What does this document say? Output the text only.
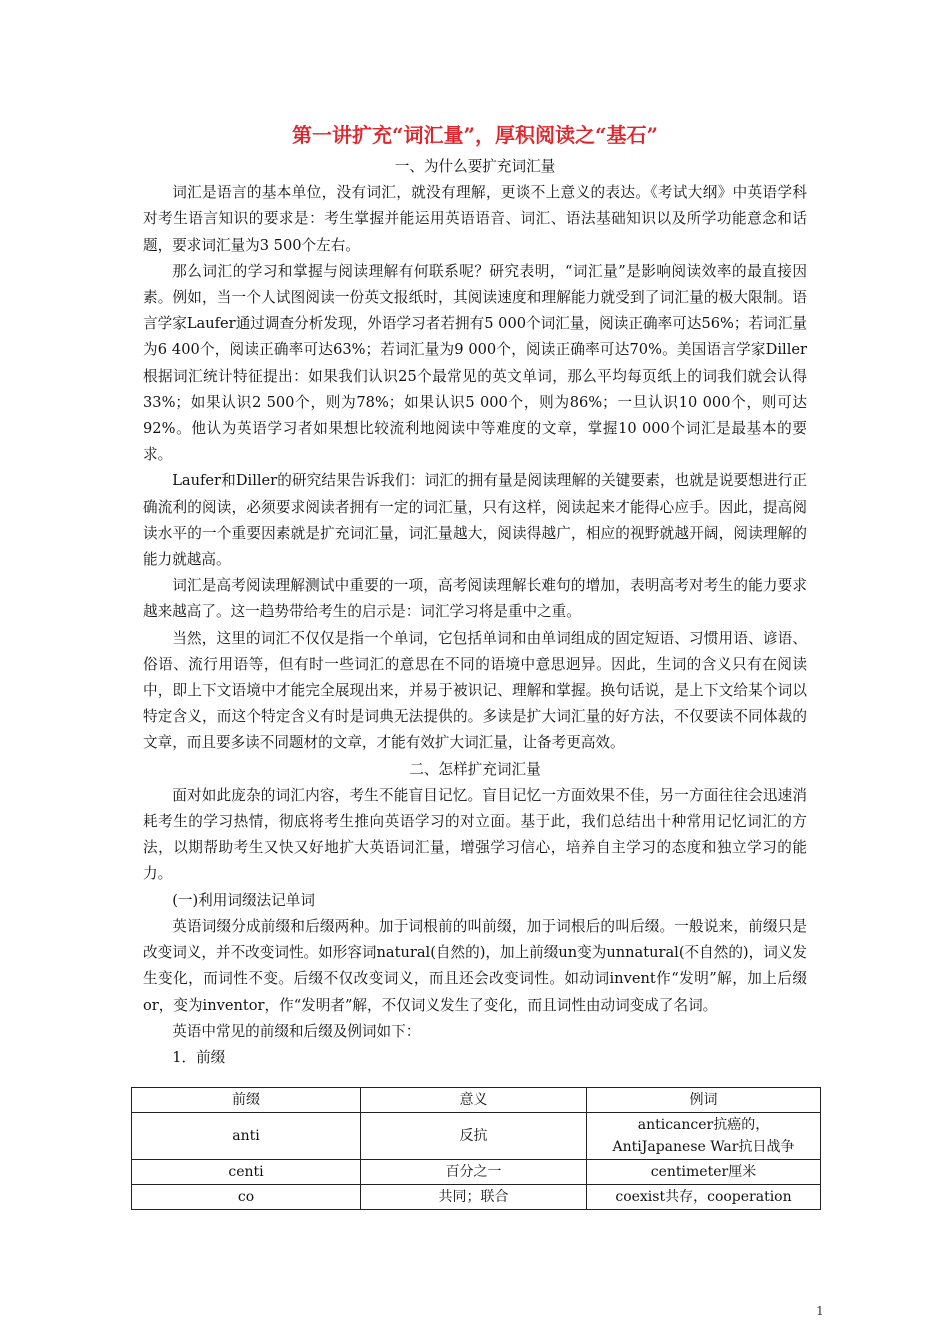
第一讲扩充“词汇量”，厚积阅读之“基石”

一、为什么要扩充词汇量

词汇是语言的基本单位，没有词汇，就没有理解，更谈不上意义的表达。《考试大纲》中英语学科对考生语言知识的要求是：考生掌握并能运用英语语音、词汇、语法基础知识以及所学功能意念和话题，要求词汇量为3 500个左右。

那么词汇的学习和掌握与阅读理解有何联系呢？研究表明，“词汇量”是影响阅读效率的最直接因素。例如，当一个人试图阅读一份英文报纸时，其阅读速度和理解能力就受到了词汇量的极大限制。语言学家Laufer通过调查分析发现，外语学习者若拥有5 000个词汇量，阅读正确率可达56%；若词汇量为6 400个，阅读正确率可达63%；若词汇量为9 000个，阅读正确率可达70%。美国语言学家Diller根据词汇统计特征提出：如果我们认识25个最常见的英文单词，那么平均每页纸上的词我们就会认得33%；如果认识2 500个，则为78%；如果认识5 000个，则为86%；一旦认识10 000个，则可达92%。他认为英语学习者如果想比较流利地阅读中等难度的文章，掌握10 000个词汇是最基本的要求。

Laufer和Diller的研究结果告诉我们：词汇的拥有量是阅读理解的关键要素，也就是说要想进行正确流利的阅读，必须要求阅读者拥有一定的词汇量，只有这样，阅读起来才能得心应手。因此，提高阅读水平的一个重要因素就是扩充词汇量，词汇量越大，阅读得越广，相应的视野就越开阔，阅读理解的能力就越高。

词汇是高考阅读理解测试中重要的一项，高考阅读理解长难句的增加，表明高考对考生的能力要求越来越高了。这一趋势带给考生的启示是：词汇学习将是重中之重。

当然，这里的词汇不仅仅是指一个单词，它包括单词和由单词组成的固定短语、习惯用语、谚语、俗语、流行用语等，但有时一些词汇的意思在不同的语境中意思迥异。因此，生词的含义只有在阅读中，即上下文语境中才能完全展现出来，并易于被识记、理解和掌握。换句话说，是上下文给某个词以特定含义，而这个特定含义有时是词典无法提供的。多读是扩大词汇量的好方法，不仅要读不同体裁的文章，而且要多读不同题材的文章，才能有效扩大词汇量，让备考更高效。

二、怎样扩充词汇量

面对如此庞杂的词汇内容，考生不能盲目记忆。盲目记忆一方面效果不佳，另一方面往往会迅速消耗考生的学习热情，彻底将考生推向英语学习的对立面。基于此，我们总结出十种常用记忆词汇的方法，以期帮助考生又快又好地扩大英语词汇量，增强学习信心，培养自主学习的态度和独立学习的能力。

(一)利用词缀法记单词

英语词缀分成前缀和后缀两种。加于词根前的叫前缀，加于词根后的叫后缀。一般说来，前缀只是改变词义，并不改变词性。如形容词natural(自然的)，加上前缀un变为unnatural(不自然的)，词义发生变化，而词性不变。后缀不仅改变词义，而且还会改变词性。如动词invent作“发明”解，加上后缀or，变为inventor，作“发明者”解，不仅词义发生了变化，而且词性由动词变成了名词。

英语中常见的前缀和后缀及例词如下：

1．前缀

前缀	意义	例词
anti	反抗	anticancer抗癌的，
AntiJapanese War抗日战争

centi	百分之一	centimeter厘米
co	共同；联合	coexist共存，cooperation
1
